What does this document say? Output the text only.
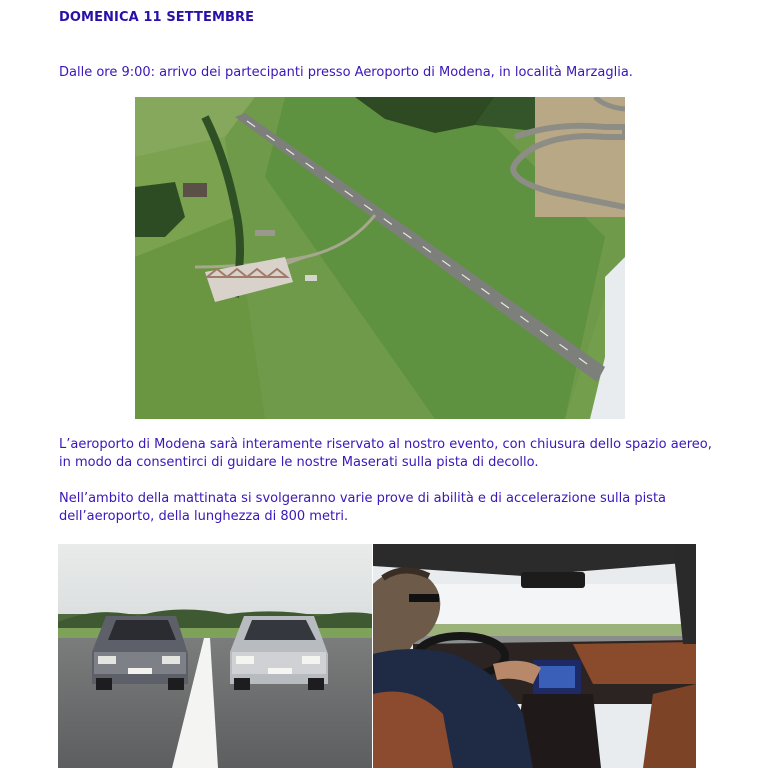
DOMENICA 11 SETTEMBRE
Dalle ore 9:00: arrivo dei partecipanti presso Aeroporto di Modena, in località Marzaglia.
L’aeroporto di Modena sarà interamente riservato al nostro evento, con chiusura dello spazio aereo, in modo da consentirci di guidare le nostre Maserati sulla pista di decollo.
Nell’ambito della mattinata si svolgeranno varie prove di abilità e di accelerazione sulla pista dell’aeroporto, della lunghezza di 800 metri.
